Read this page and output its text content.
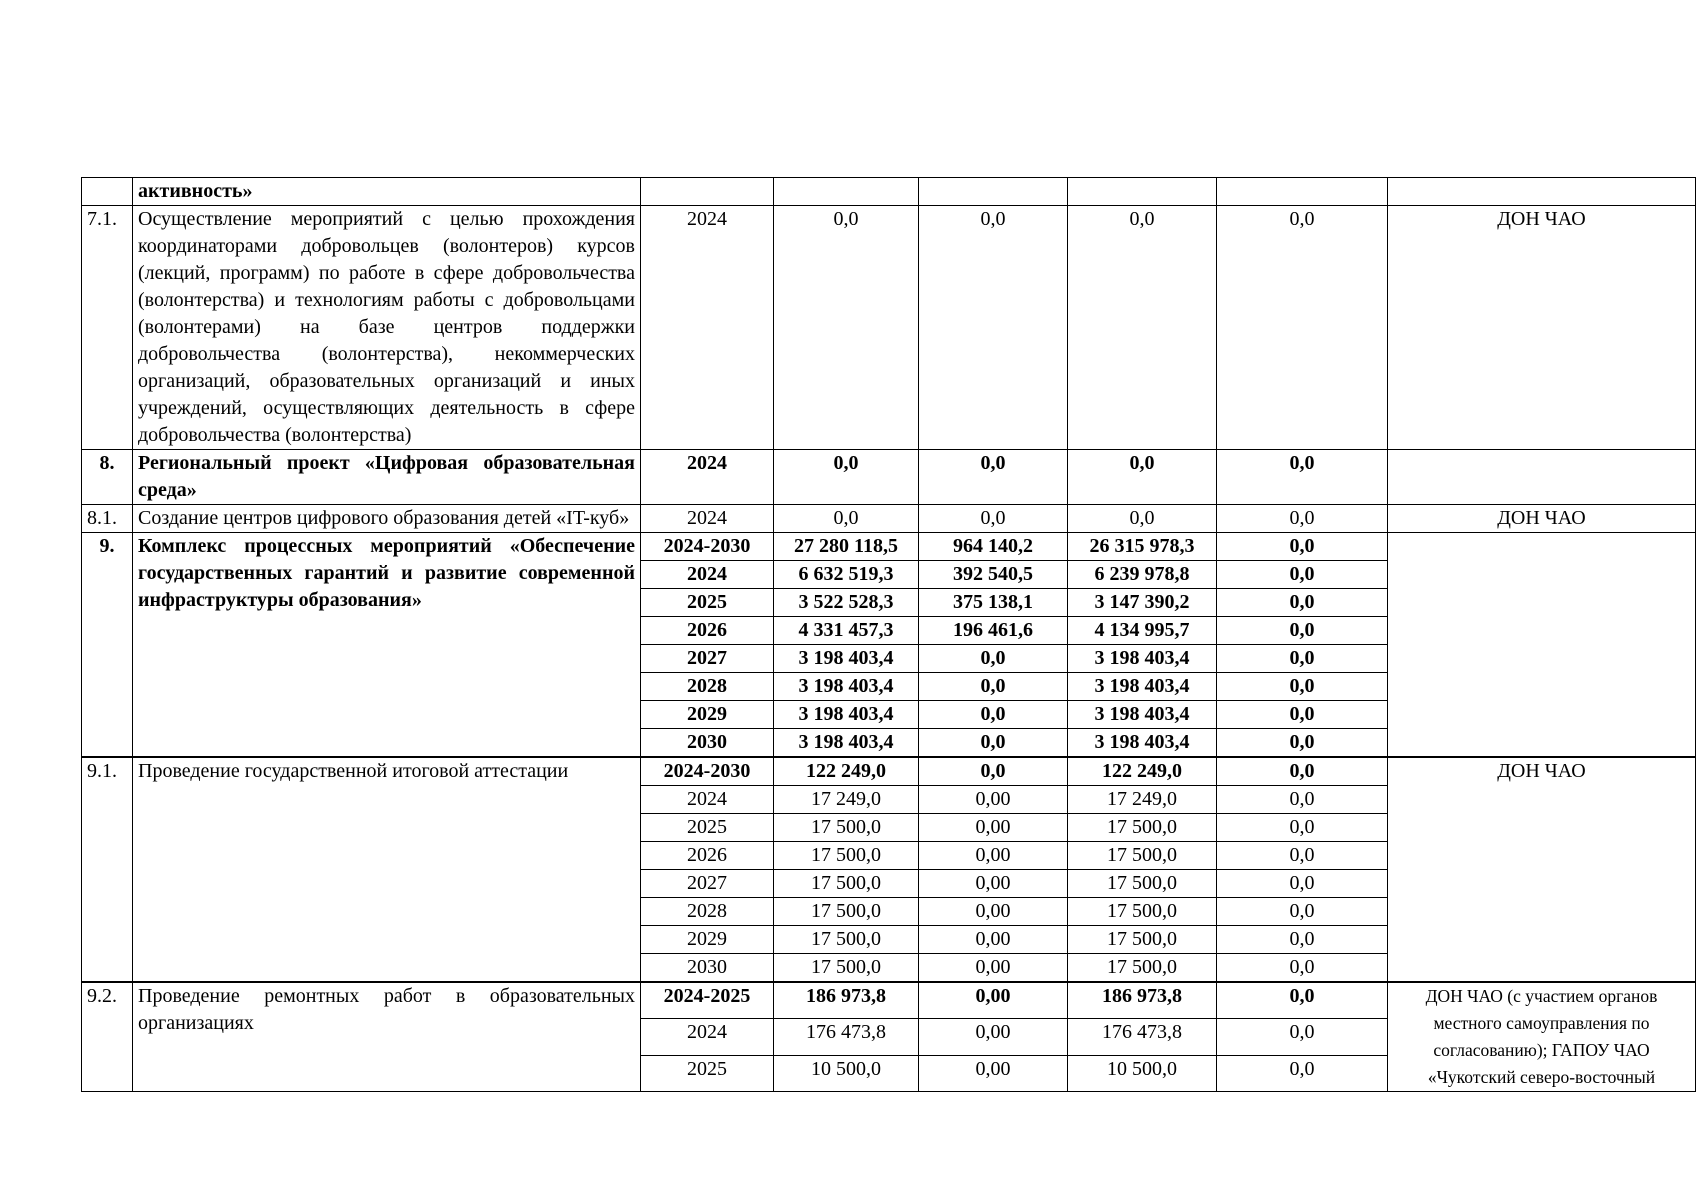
	активность»						
7.1.	Осуществление мероприятий с целью прохождения координаторами добровольцев (волонтеров) курсов (лекций, программ) по работе в сфере добровольчества (волонтерства) и технологиям работы с добровольцами (волонтерами) на базе центров поддержки добровольчества (волонтерства), некоммерческих организаций, образовательных организаций и иных учреждений, осуществляющих деятельность в сфере добровольчества (волонтерства)	2024	0,0	0,0	0,0	0,0	ДОН ЧАО
8.	Региональный проект «Цифровая образовательная среда»	2024	0,0	0,0	0,0	0,0	
8.1.	Создание центров цифрового образования детей «IT-куб»	2024	0,0	0,0	0,0	0,0	ДОН ЧАО
9.	Комплекс процессных мероприятий «Обеспечение государственных гарантий и развитие современной инфраструктуры образования»	2024-2030	27 280 118,5	964 140,2	26 315 978,3	0,0	
		2024	6 632 519,3	392 540,5	6 239 978,8	0,0	
		2025	3 522 528,3	375 138,1	3 147 390,2	0,0	
		2026	4 331 457,3	196 461,6	4 134 995,7	0,0	
		2027	3 198 403,4	0,0	3 198 403,4	0,0	
		2028	3 198 403,4	0,0	3 198 403,4	0,0	
		2029	3 198 403,4	0,0	3 198 403,4	0,0	
		2030	3 198 403,4	0,0	3 198 403,4	0,0	
9.1.	Проведение государственной итоговой аттестации	2024-2030	122 249,0	0,0	122 249,0	0,0	ДОН ЧАО
		2024	17 249,0	0,00	17 249,0	0,0	
		2025	17 500,0	0,00	17 500,0	0,0	
		2026	17 500,0	0,00	17 500,0	0,0	
		2027	17 500,0	0,00	17 500,0	0,0	
		2028	17 500,0	0,00	17 500,0	0,0	
		2029	17 500,0	0,00	17 500,0	0,0	
		2030	17 500,0	0,00	17 500,0	0,0	
9.2.	Проведение ремонтных работ в образовательных организациях	2024-2025	186 973,8	0,00	186 973,8	0,0	ДОН ЧАО (с участием органов местного самоуправления по согласованию); ГАПОУ ЧАО «Чукотский северо-восточный
		2024	176 473,8	0,00	176 473,8	0,0	
		2025	10 500,0	0,00	10 500,0	0,0	
